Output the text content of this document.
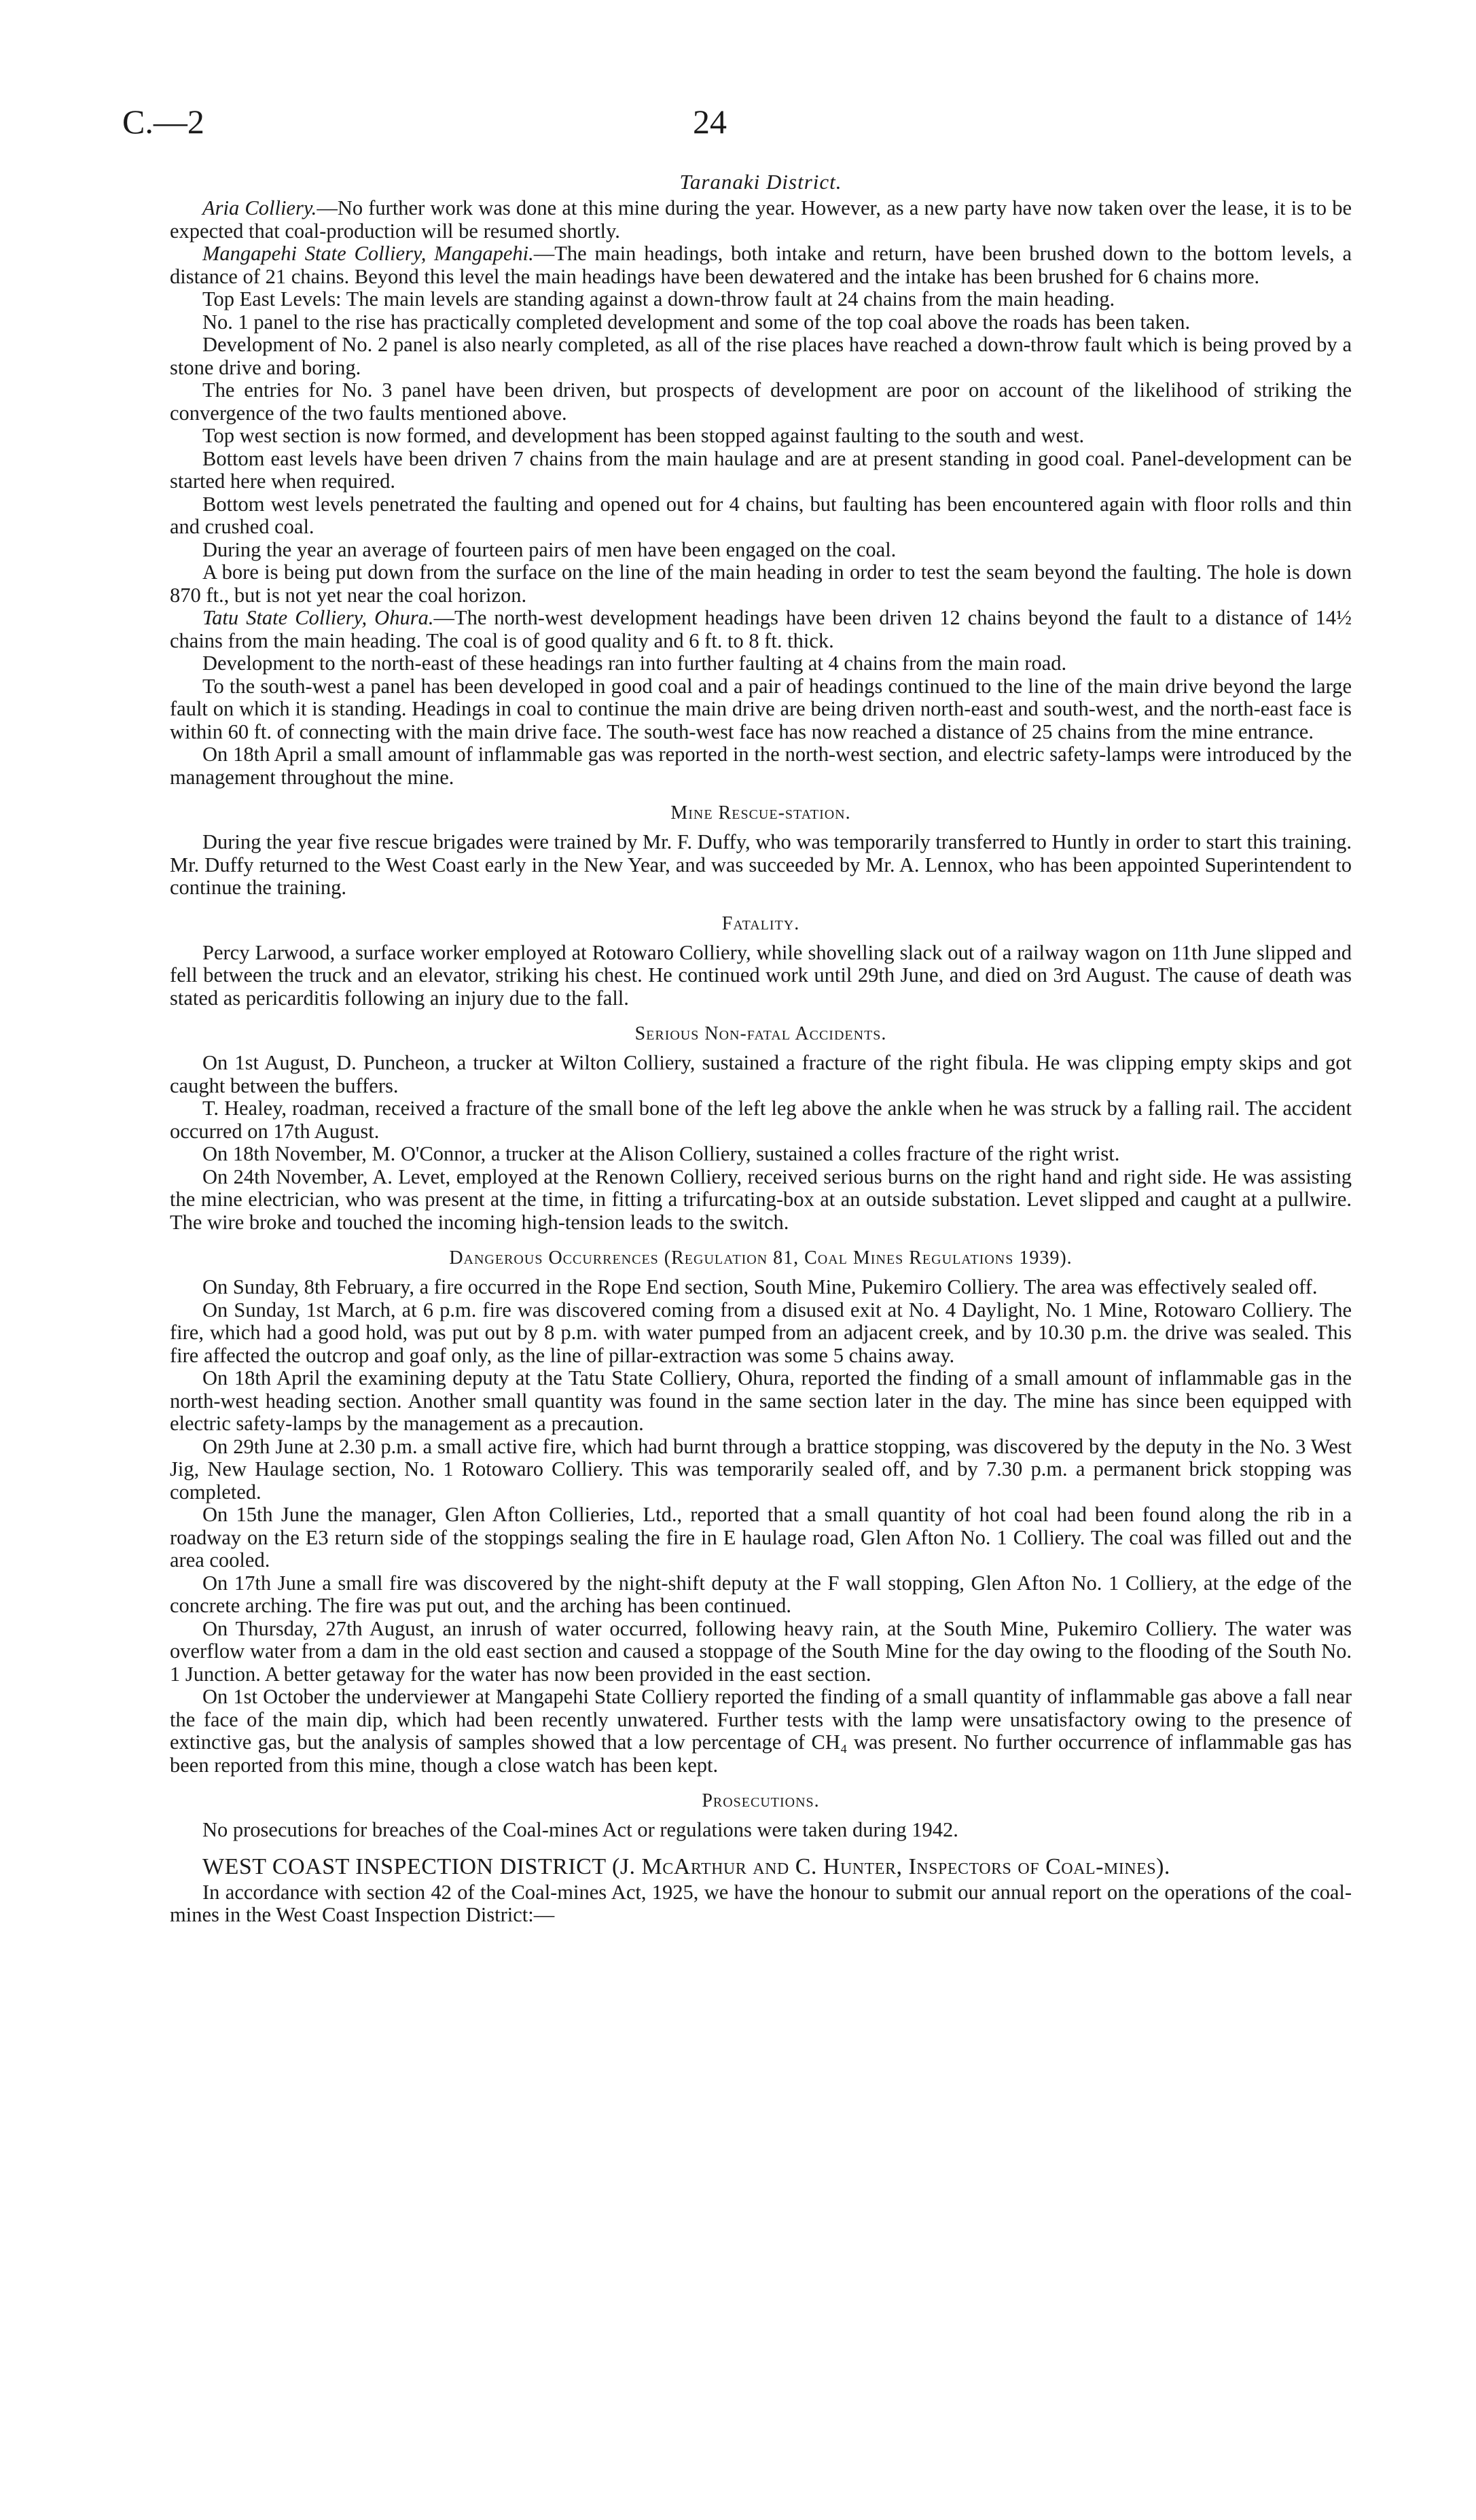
C.—2	24
Taranaki District.

Aria Colliery.—No further work was done at this mine during the year. However, as a new party have now taken over the lease, it is to be expected that coal-production will be resumed shortly.

Mangapehi State Colliery, Mangapehi.—The main headings, both intake and return, have been brushed down to the bottom levels, a distance of 21 chains. Beyond this level the main headings have been dewatered and the intake has been brushed for 6 chains more.

Top East Levels: The main levels are standing against a down-throw fault at 24 chains from the main heading.

No. 1 panel to the rise has practically completed development and some of the top coal above the roads has been taken.

Development of No. 2 panel is also nearly completed, as all of the rise places have reached a down-throw fault which is being proved by a stone drive and boring.

The entries for No. 3 panel have been driven, but prospects of development are poor on account of the likelihood of striking the convergence of the two faults mentioned above.

Top west section is now formed, and development has been stopped against faulting to the south and west.

Bottom east levels have been driven 7 chains from the main haulage and are at present standing in good coal. Panel-development can be started here when required.

Bottom west levels penetrated the faulting and opened out for 4 chains, but faulting has been encountered again with floor rolls and thin and crushed coal.

During the year an average of fourteen pairs of men have been engaged on the coal.

A bore is being put down from the surface on the line of the main heading in order to test the seam beyond the faulting. The hole is down 870 ft., but is not yet near the coal horizon.

Tatu State Colliery, Ohura.—The north-west development headings have been driven 12 chains beyond the fault to a distance of 14½ chains from the main heading. The coal is of good quality and 6 ft. to 8 ft. thick.

Development to the north-east of these headings ran into further faulting at 4 chains from the main road.

To the south-west a panel has been developed in good coal and a pair of headings continued to the line of the main drive beyond the large fault on which it is standing. Headings in coal to continue the main drive are being driven north-east and south-west, and the north-east face is within 60 ft. of connecting with the main drive face. The south-west face has now reached a distance of 25 chains from the mine entrance.

On 18th April a small amount of inflammable gas was reported in the north-west section, and electric safety-lamps were introduced by the management throughout the mine.

Mine Rescue-station.

During the year five rescue brigades were trained by Mr. F. Duffy, who was temporarily transferred to Huntly in order to start this training. Mr. Duffy returned to the West Coast early in the New Year, and was succeeded by Mr. A. Lennox, who has been appointed Superintendent to continue the training.

Fatality.

Percy Larwood, a surface worker employed at Rotowaro Colliery, while shovelling slack out of a railway wagon on 11th June slipped and fell between the truck and an elevator, striking his chest. He continued work until 29th June, and died on 3rd August. The cause of death was stated as pericarditis following an injury due to the fall.

Serious Non-fatal Accidents.

On 1st August, D. Puncheon, a trucker at Wilton Colliery, sustained a fracture of the right fibula. He was clipping empty skips and got caught between the buffers.

T. Healey, roadman, received a fracture of the small bone of the left leg above the ankle when he was struck by a falling rail. The accident occurred on 17th August.

On 18th November, M. O'Connor, a trucker at the Alison Colliery, sustained a colles fracture of the right wrist.

On 24th November, A. Levet, employed at the Renown Colliery, received serious burns on the right hand and right side. He was assisting the mine electrician, who was present at the time, in fitting a trifurcating-box at an outside substation. Levet slipped and caught at a pullwire. The wire broke and touched the incoming high-tension leads to the switch.

Dangerous Occurrences (Regulation 81, Coal Mines Regulations 1939).

On Sunday, 8th February, a fire occurred in the Rope End section, South Mine, Pukemiro Colliery. The area was effectively sealed off.

On Sunday, 1st March, at 6 p.m. fire was discovered coming from a disused exit at No. 4 Daylight, No. 1 Mine, Rotowaro Colliery. The fire, which had a good hold, was put out by 8 p.m. with water pumped from an adjacent creek, and by 10.30 p.m. the drive was sealed. This fire affected the outcrop and goaf only, as the line of pillar-extraction was some 5 chains away.

On 18th April the examining deputy at the Tatu State Colliery, Ohura, reported the finding of a small amount of inflammable gas in the north-west heading section. Another small quantity was found in the same section later in the day. The mine has since been equipped with electric safety-lamps by the management as a precaution.

On 29th June at 2.30 p.m. a small active fire, which had burnt through a brattice stopping, was discovered by the deputy in the No. 3 West Jig, New Haulage section, No. 1 Rotowaro Colliery. This was temporarily sealed off, and by 7.30 p.m. a permanent brick stopping was completed.

On 15th June the manager, Glen Afton Collieries, Ltd., reported that a small quantity of hot coal had been found along the rib in a roadway on the E3 return side of the stoppings sealing the fire in E haulage road, Glen Afton No. 1 Colliery. The coal was filled out and the area cooled.

On 17th June a small fire was discovered by the night-shift deputy at the F wall stopping, Glen Afton No. 1 Colliery, at the edge of the concrete arching. The fire was put out, and the arching has been continued.

On Thursday, 27th August, an inrush of water occurred, following heavy rain, at the South Mine, Pukemiro Colliery. The water was overflow water from a dam in the old east section and caused a stoppage of the South Mine for the day owing to the flooding of the South No. 1 Junction. A better getaway for the water has now been provided in the east section.

On 1st October the underviewer at Mangapehi State Colliery reported the finding of a small quantity of inflammable gas above a fall near the face of the main dip, which had been recently unwatered. Further tests with the lamp were unsatisfactory owing to the presence of extinctive gas, but the analysis of samples showed that a low percentage of CH₄ was present. No further occurrence of inflammable gas has been reported from this mine, though a close watch has been kept.

Prosecutions.

No prosecutions for breaches of the Coal-mines Act or regulations were taken during 1942.

WEST COAST INSPECTION DISTRICT (J. McArthur and C. Hunter, Inspectors of Coal-mines).

In accordance with section 42 of the Coal-mines Act, 1925, we have the honour to submit our annual report on the operations of the coal-mines in the West Coast Inspection District:—
